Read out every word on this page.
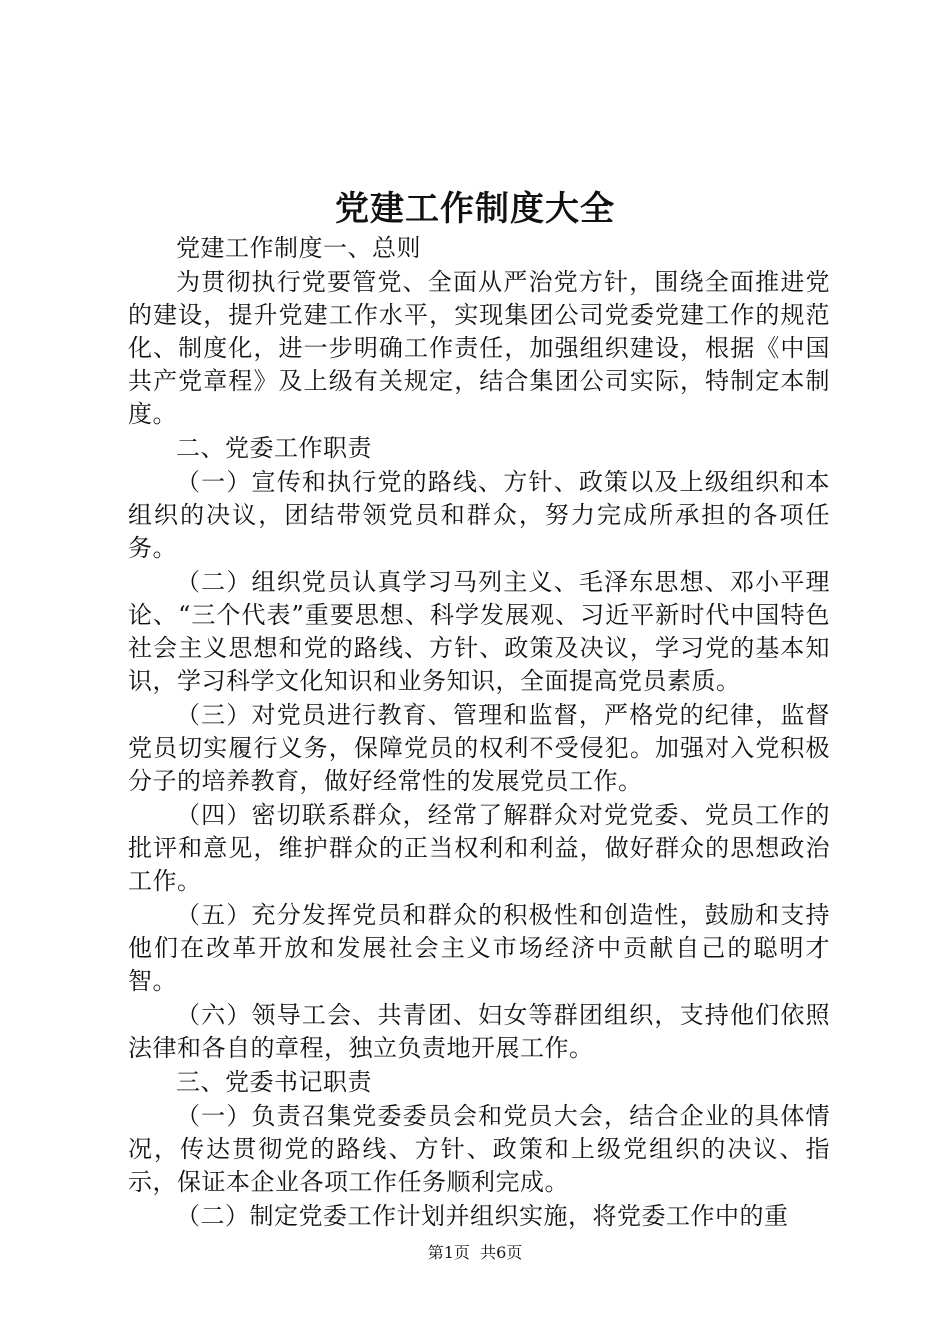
党建工作制度大全

党建工作制度一、总则

为贯彻执行党要管党、全面从严治党方针，围绕全面推进党的建设，提升党建工作水平，实现集团公司党委党建工作的规范化、制度化，进一步明确工作责任，加强组织建设，根据《中国共产党章程》及上级有关规定，结合集团公司实际，特制定本制度。

二、党委工作职责

（一）宣传和执行党的路线、方针、政策以及上级组织和本组织的决议，团结带领党员和群众，努力完成所承担的各项任务。

（二）组织党员认真学习马列主义、毛泽东思想、邓小平理论、“三个代表”重要思想、科学发展观、习近平新时代中国特色社会主义思想和党的路线、方针、政策及决议，学习党的基本知识，学习科学文化知识和业务知识，全面提高党员素质。

（三）对党员进行教育、管理和监督，严格党的纪律，监督党员切实履行义务，保障党员的权利不受侵犯。加强对入党积极分子的培养教育，做好经常性的发展党员工作。

（四）密切联系群众，经常了解群众对党党委、党员工作的批评和意见，维护群众的正当权利和利益，做好群众的思想政治工作。

（五）充分发挥党员和群众的积极性和创造性，鼓励和支持他们在改革开放和发展社会主义市场经济中贡献自己的聪明才智。

（六）领导工会、共青团、妇女等群团组织，支持他们依照法律和各自的章程，独立负责地开展工作。

三、党委书记职责

（一）负责召集党委委员会和党员大会，结合企业的具体情况，传达贯彻党的路线、方针、政策和上级党组织的决议、指示，保证本企业各项工作任务顺利完成。

（二）制定党委工作计划并组织实施，将党委工作中的重

第1页 共6页
